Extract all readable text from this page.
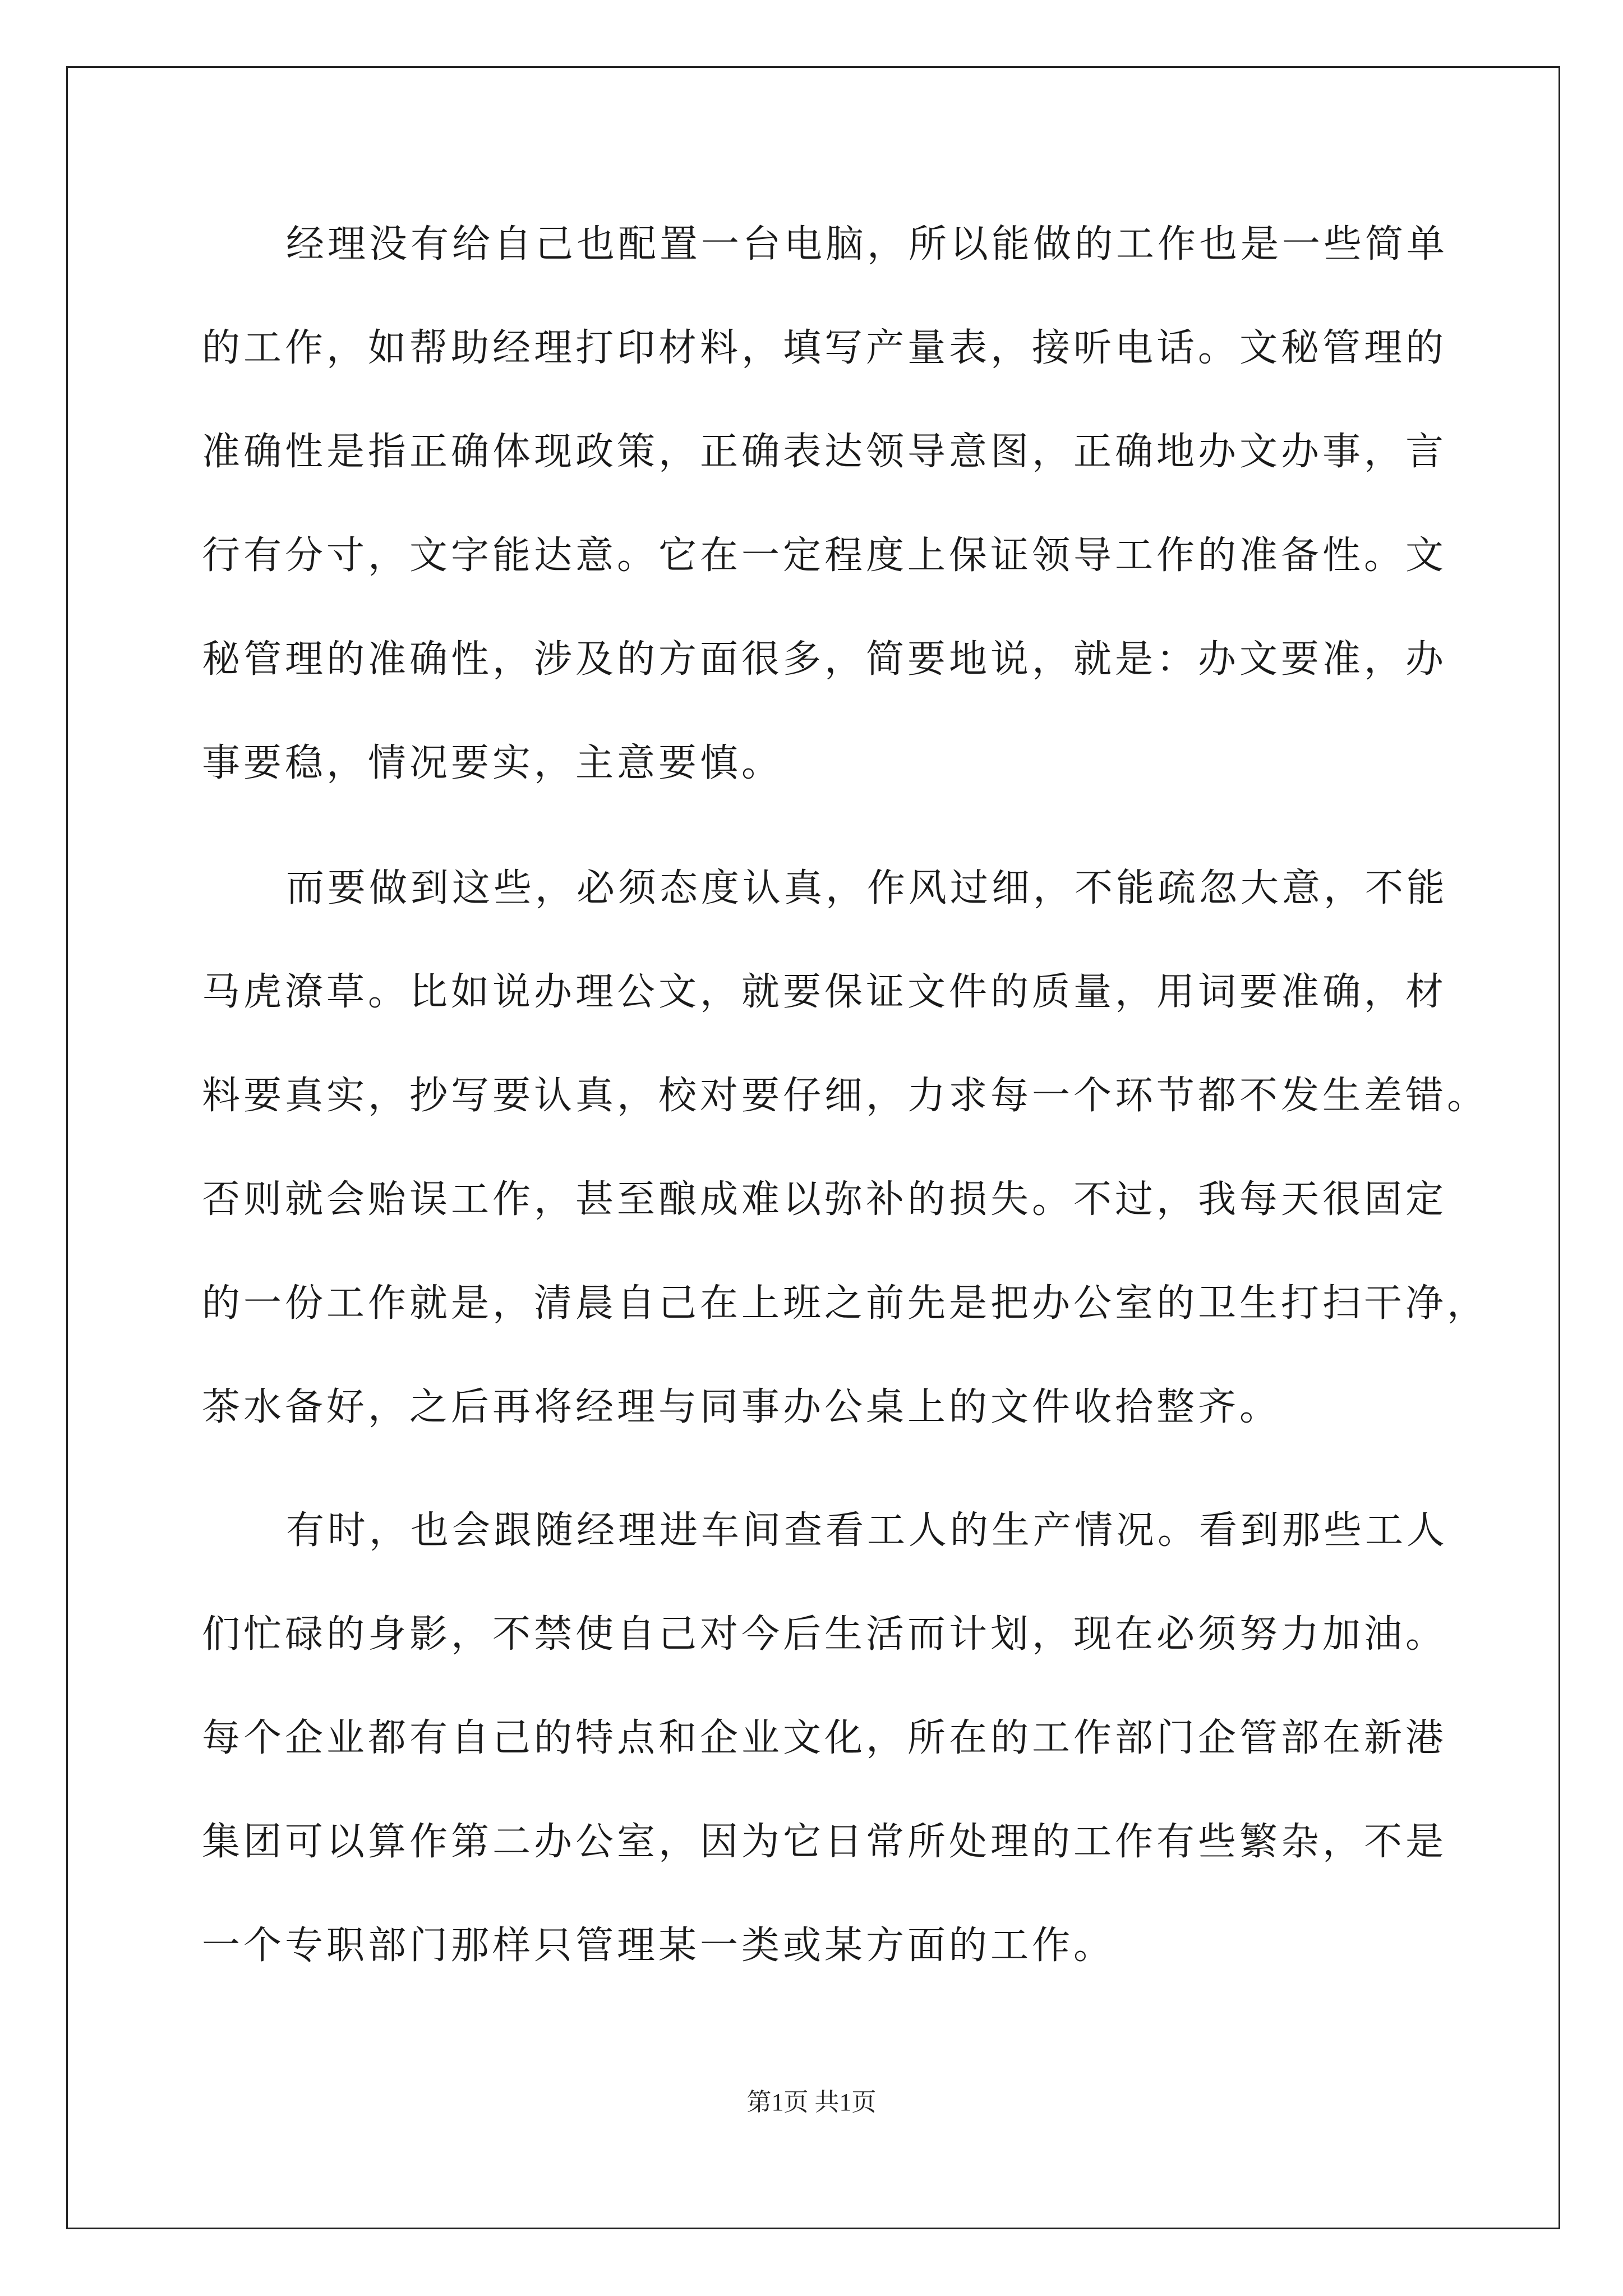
经理没有给自己也配置一台电脑，所以能做的工作也是一些简单
的工作，如帮助经理打印材料，填写产量表，接听电话。文秘管理的
准确性是指正确体现政策，正确表达领导意图，正确地办文办事，言
行有分寸，文字能达意。它在一定程度上保证领导工作的准备性。文
秘管理的准确性，涉及的方面很多，简要地说，就是：办文要准，办
事要稳，情况要实，主意要慎。
而要做到这些，必须态度认真，作风过细，不能疏忽大意，不能
马虎潦草。比如说办理公文，就要保证文件的质量，用词要准确，材
料要真实，抄写要认真，校对要仔细，力求每一个环节都不发生差错。
否则就会贻误工作，甚至酿成难以弥补的损失。不过，我每天很固定
的一份工作就是，清晨自己在上班之前先是把办公室的卫生打扫干净，
茶水备好，之后再将经理与同事办公桌上的文件收拾整齐。
有时，也会跟随经理进车间查看工人的生产情况。看到那些工人
们忙碌的身影，不禁使自己对今后生活而计划，现在必须努力加油。
每个企业都有自己的特点和企业文化，所在的工作部门企管部在新港
集团可以算作第二办公室，因为它日常所处理的工作有些繁杂，不是
一个专职部门那样只管理某一类或某方面的工作。
第1页 共1页
